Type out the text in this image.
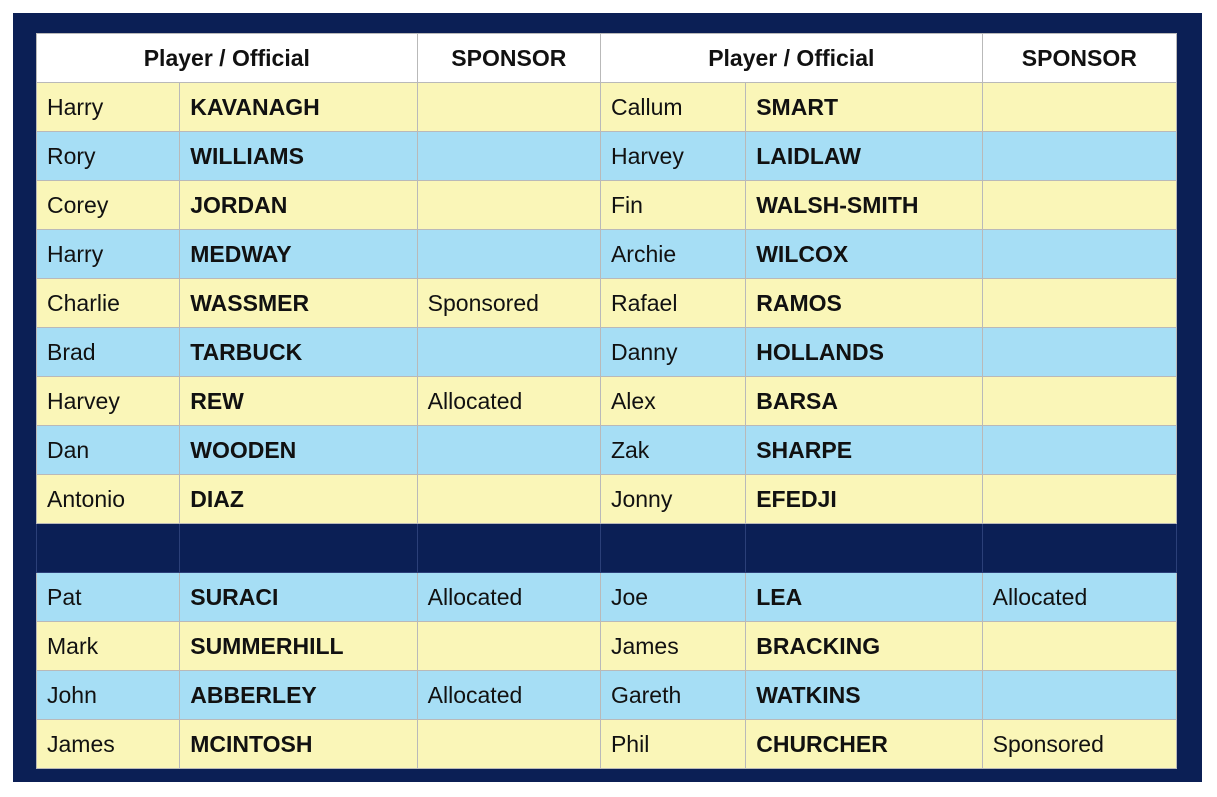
Player / Official		SPONSOR	Player / Official		SPONSOR
Harry	KAVANAGH		Callum	SMART	
Rory	WILLIAMS		Harvey	LAIDLAW	
Corey	JORDAN		Fin	WALSH-SMITH	
Harry	MEDWAY		Archie	WILCOX	
Charlie	WASSMER	Sponsored	Rafael	RAMOS	
Brad	TARBUCK		Danny	HOLLANDS	
Harvey	REW	Allocated	Alex	BARSA	
Dan	WOODEN		Zak	SHARPE	
Antonio	DIAZ		Jonny	EFEDJI	

Pat	SURACI	Allocated	Joe	LEA	Allocated
Mark	SUMMERHILL		James	BRACKING	
John	ABBERLEY	Allocated	Gareth	WATKINS	
James	MCINTOSH		Phil	CHURCHER	Sponsored
